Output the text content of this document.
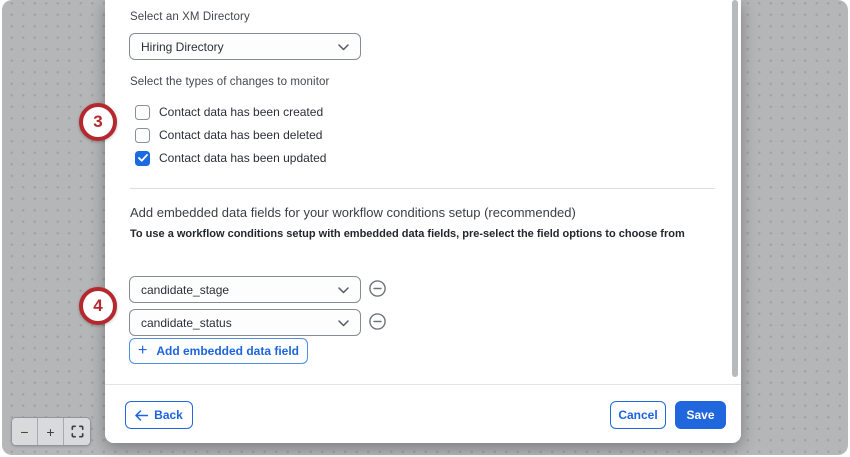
Select an XM Directory
Hiring Directory
Select the types of changes to monitor
Contact data has been created
Contact data has been deleted
Contact data has been updated
Add embedded data fields for your workflow conditions setup (recommended)
To use a workflow conditions setup with embedded data fields, pre-select the field options to choose from
candidate_stage
candidate_status
+ Add embedded data field
Back	Cancel Save
3
4
− +
